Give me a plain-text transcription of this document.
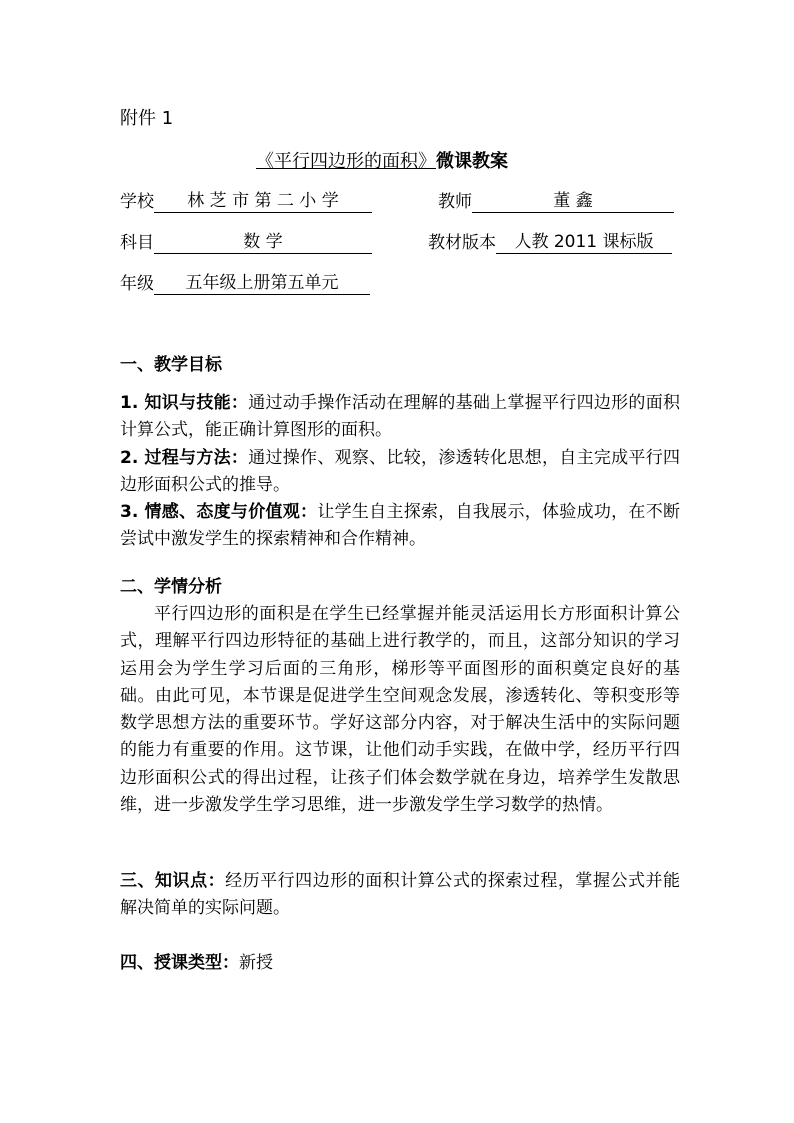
附件 1
《平行四边形的面积》微课教案
学校 林 芝 市 第 二 小 学	教师	董 鑫
科目	数 学	教材版本 人教 2011 课标版
年级 五年级上册第五单元
一、教学目标

1. 知识与技能：通过动手操作活动在理解的基础上掌握平行四边形的面积计算公式，能正确计算图形的面积。

2. 过程与方法：通过操作、观察、比较，渗透转化思想，自主完成平行四边形面积公式的推导。

3. 情感、态度与价值观：让学生自主探索，自我展示，体验成功，在不断尝试中激发学生的探索精神和合作精神。

二、学情分析

平行四边形的面积是在学生已经掌握并能灵活运用长方形面积计算公式，理解平行四边形特征的基础上进行教学的，而且，这部分知识的学习运用会为学生学习后面的三角形，梯形等平面图形的面积奠定良好的基础。由此可见，本节课是促进学生空间观念发展，渗透转化、等积变形等数学思想方法的重要环节。学好这部分内容，对于解决生活中的实际问题的能力有重要的作用。这节课，让他们动手实践，在做中学，经历平行四边形面积公式的得出过程，让孩子们体会数学就在身边，培养学生发散思维，进一步激发学生学习思维，进一步激发学生学习数学的热情。

三、知识点：经历平行四边形的面积计算公式的探索过程，掌握公式并能解决简单的实际问题。

四、授课类型：新授
